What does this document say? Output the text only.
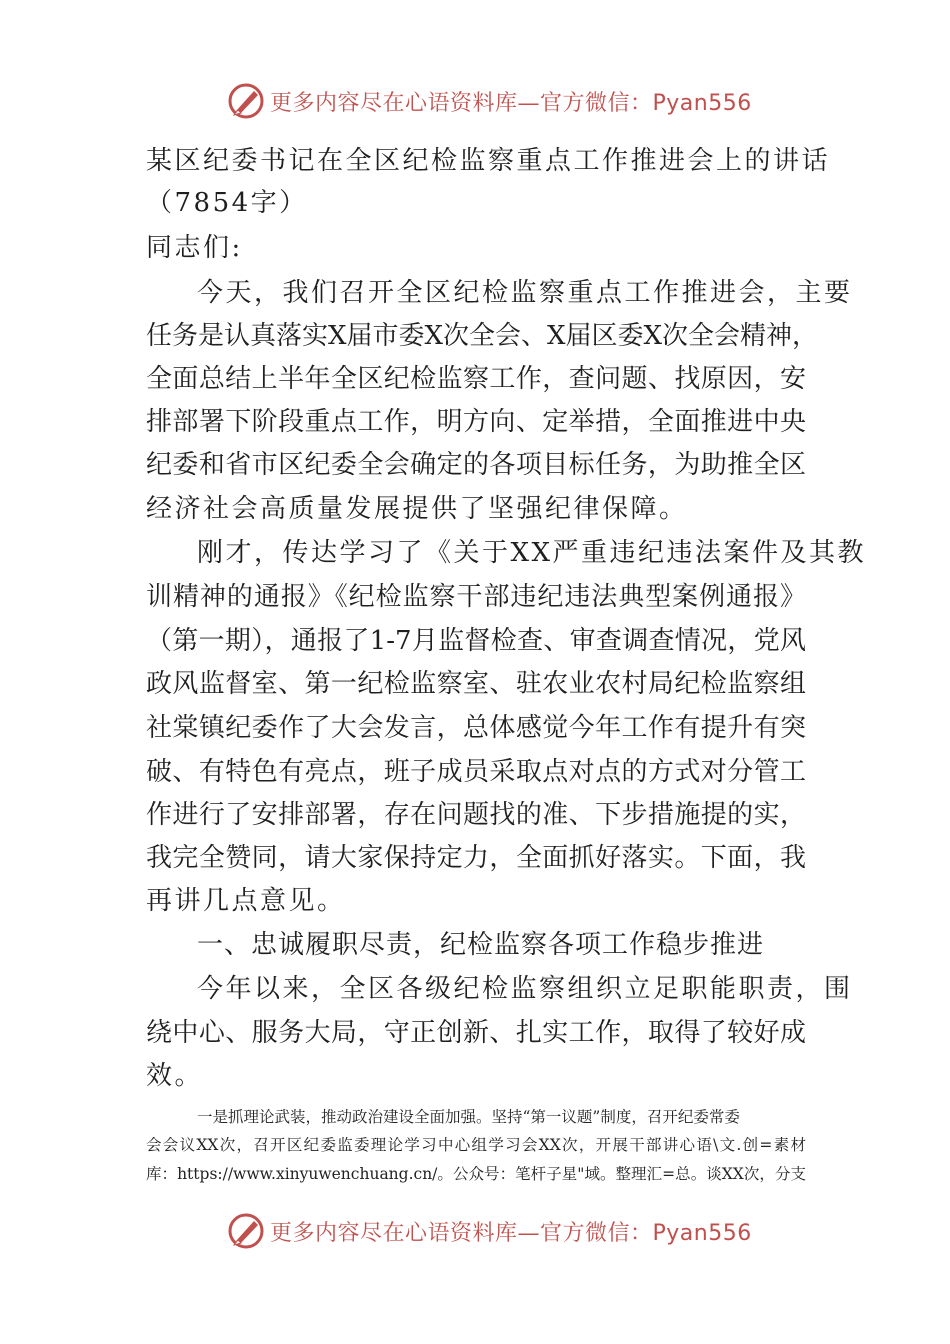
更多内容尽在心语资料库—官方微信：Pyan556
某区纪委书记在全区纪检监察重点工作推进会上的讲话
（7854字）
同志们:
今天，我们召开全区纪检监察重点工作推进会，主要
任务是认真落实X届市委X次全会、X届区委X次全会精神，
全面总结上半年全区纪检监察工作，查问题、找原因，安
排部署下阶段重点工作，明方向、定举措，全面推进中央
纪委和省市区纪委全会确定的各项目标任务，为助推全区
经济社会高质量发展提供了坚强纪律保障。
刚才，传达学习了《关于XX严重违纪违法案件及其教
训精神的通报》《纪检监察干部违纪违法典型案例通报》
（第一期），通报了1-7月监督检查、审查调查情况，党风
政风监督室、第一纪检监察室、驻农业农村局纪检监察组
社棠镇纪委作了大会发言，总体感觉今年工作有提升有突
破、有特色有亮点，班子成员采取点对点的方式对分管工
作进行了安排部署，存在问题找的准、下步措施提的实，
我完全赞同，请大家保持定力，全面抓好落实。下面，我
再讲几点意见。
一、忠诚履职尽责，纪检监察各项工作稳步推进
今年以来，全区各级纪检监察组织立足职能职责，围
绕中心、服务大局，守正创新、扎实工作，取得了较好成
效。
一是抓理论武装，推动政治建设全面加强。坚持“第一议题”制度，召开纪委常委
会会议XX次，召开区纪委监委理论学习中心组学习会XX次，开展干部讲心语\文.创=素材
库：https://www.xinyuwenchuang.cn/。公众号：笔杆子星"域。整理汇=总。谈XX次，分支
更多内容尽在心语资料库—官方微信：Pyan556
